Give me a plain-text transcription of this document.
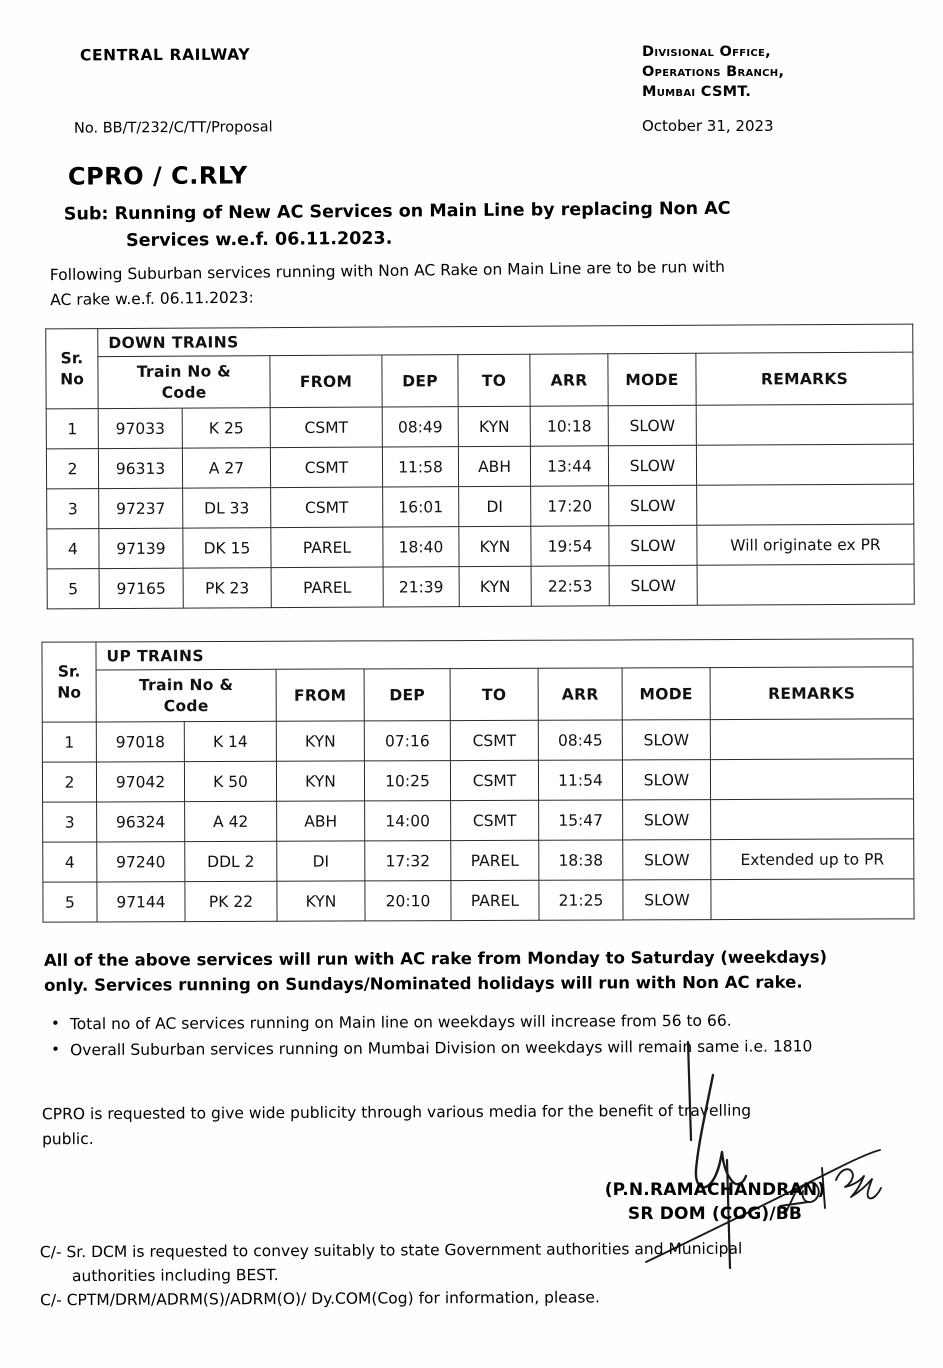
CENTRAL RAILWAY	Divisional Office,
Operations Branch,
Mumbai CSMT.
No. BB/T/232/C/TT/Proposal	October 31, 2023
CPRO / C.RLY
Sub: Running of New AC Services on Main Line by replacing Non AC
Services w.e.f. 06.11.2023.
Following Suburban services running with Non AC Rake on Main Line are to be run with
AC rake w.e.f. 06.11.2023:
Sr.
No	DOWN TRAINS							
	Train No &
Code		FROM	DEP	TO	ARR	MODE	REMARKS
1	97033	K 25	CSMT	08:49	KYN	10:18	SLOW	
2	96313	A 27	CSMT	11:58	ABH	13:44	SLOW	
3	97237	DL 33	CSMT	16:01	DI	17:20	SLOW	
4	97139	DK 15	PAREL	18:40	KYN	19:54	SLOW	Will originate ex PR
5	97165	PK 23	PAREL	21:39	KYN	22:53	SLOW	
Sr.
No	UP TRAINS							
	Train No &
Code		FROM	DEP	TO	ARR	MODE	REMARKS
1	97018	K 14	KYN	07:16	CSMT	08:45	SLOW	
2	97042	K 50	KYN	10:25	CSMT	11:54	SLOW	
3	96324	A 42	ABH	14:00	CSMT	15:47	SLOW	
4	97240	DDL 2	DI	17:32	PAREL	18:38	SLOW	Extended up to PR
5	97144	PK 22	KYN	20:10	PAREL	21:25	SLOW	
All of the above services will run with AC rake from Monday to Saturday (weekdays)
only. Services running on Sundays/Nominated holidays will run with Non AC rake.
• Total no of AC services running on Main line on weekdays will increase from 56 to 66.
• Overall Suburban services running on Mumbai Division on weekdays will remain same i.e. 1810
CPRO is requested to give wide publicity through various media for the benefit of travelling
public.
(P.N.RAMACHANDRAN)
SR DOM (COG)/BB
C/- Sr. DCM is requested to convey suitably to state Government authorities and Municipal
authorities including BEST.
C/- CPTM/DRM/ADRM(S)/ADRM(O)/ Dy.COM(Cog) for information, please.
